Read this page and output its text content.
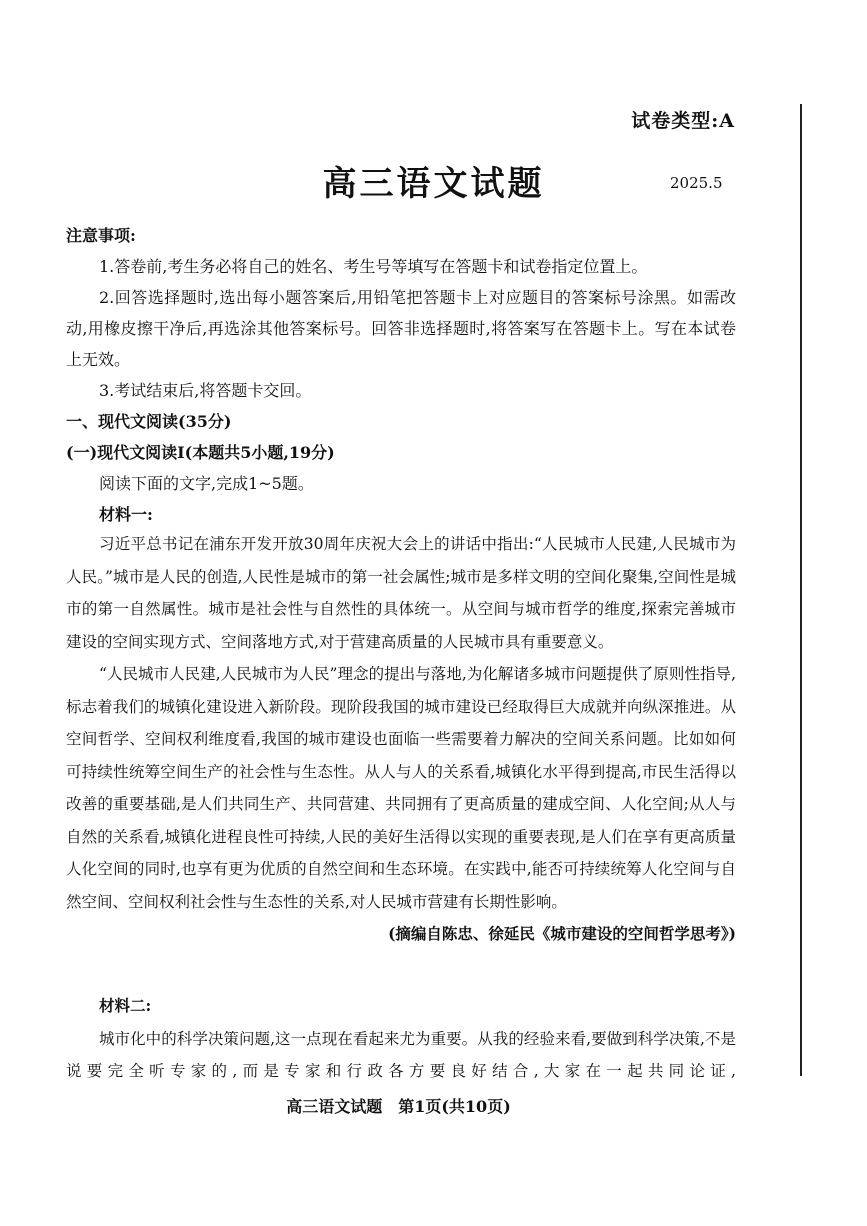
试卷类型:A
高三语文试题	2025.5

注意事项:

1.答卷前,考生务必将自己的姓名、考生号等填写在答题卡和试卷指定位置上。

2.回答选择题时,选出每小题答案后,用铅笔把答题卡上对应题目的答案标号涂黑。如需改动,用橡皮擦干净后,再选涂其他答案标号。回答非选择题时,将答案写在答题卡上。写在本试卷上无效。

3.考试结束后,将答题卡交回。

一、现代文阅读(35分)

(一)现代文阅读Ⅰ(本题共5小题,19分)

阅读下面的文字,完成1~5题。

材料一:

习近平总书记在浦东开发开放30周年庆祝大会上的讲话中指出:“人民城市人民建,人民城市为人民。”城市是人民的创造,人民性是城市的第一社会属性;城市是多样文明的空间化聚集,空间性是城市的第一自然属性。城市是社会性与自然性的具体统一。从空间与城市哲学的维度,探索完善城市建设的空间实现方式、空间落地方式,对于营建高质量的人民城市具有重要意义。

“人民城市人民建,人民城市为人民”理念的提出与落地,为化解诸多城市问题提供了原则性指导,标志着我们的城镇化建设进入新阶段。现阶段我国的城市建设已经取得巨大成就并向纵深推进。从空间哲学、空间权利维度看,我国的城市建设也面临一些需要着力解决的空间关系问题。比如如何可持续性统筹空间生产的社会性与生态性。从人与人的关系看,城镇化水平得到提高,市民生活得以改善的重要基础,是人们共同生产、共同营建、共同拥有了更高质量的建成空间、人化空间;从人与自然的关系看,城镇化进程良性可持续,人民的美好生活得以实现的重要表现,是人们在享有更高质量人化空间的同时,也享有更为优质的自然空间和生态环境。在实践中,能否可持续统筹人化空间与自然空间、空间权利社会性与生态性的关系,对人民城市营建有长期性影响。

(摘编自陈忠、徐延民《城市建设的空间哲学思考》)

材料二:

城市化中的科学决策问题,这一点现在看起来尤为重要。从我的经验来看,要做到科学决策,不是说要完全听专家的,而是专家和行政各方要良好结合,大家在一起共同论证,

高三语文试题　第1页(共10页)
